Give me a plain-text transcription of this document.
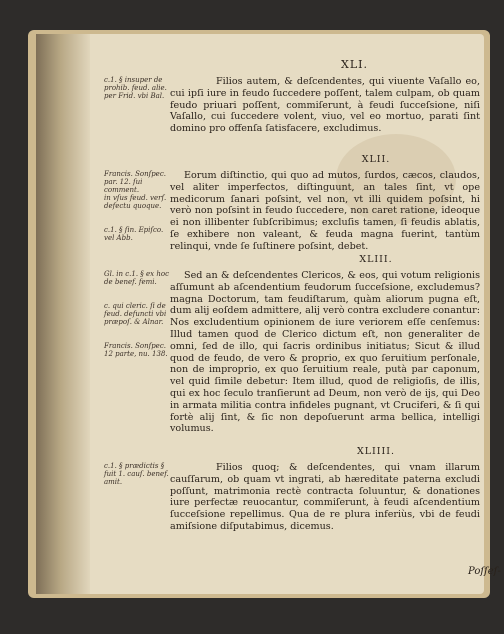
XLI.
c.1. § insuper de
prohib. feud. alie.
per Frid. vbi Bal.
Filios autem, & deſcendentes, qui viuente Vaſallo eo, cui ipſi iure in feudo ſuccedere poſſent, talem culpam, ob quam feudo priuari poſſent, commiſerunt, à feudi ſucceſsione, niſi Vaſallo, cui ſuccedere volent, viuo, vel eo mortuo, parati ſint domino pro offenſa ſatisfacere, excludimus.
XLII.
Francis. Sonſpec.
par. 12. ſui comment.
in vſus feud. verſ.
defectu quoque.

c.1. § ſin. Epiſco.
vel Abb.
Eorum diſtinctio, qui quo ad mutos, ſurdos, cæcos, claudos, vel aliter imperfectos, diſtinguunt, an tales ſint, vt ope medicorum ſanari poſsint, vel non, vt illi quidem poſsint, hi verò non poſsint in feudo ſuccedere, non caret ratione, ideoque ei non illibenter ſubſcribimus; excluſis tamen, ſi feudis ablatis, ſe exhibere non valeant, & feuda magna fuerint, tantùm relinqui, vnde ſe ſuſtinere poſsint, debet.
XLIII.
Gl. in c.1. § ex hoc
de benef. femi.

c. qui cleric. ſi de
feud. defuncti vbi
præpoſ. & Alnar.

Francis. Sonſpec.
12 parte, nu. 138.
Sed an & deſcendentes Clericos, & eos, qui votum religionis aſſumunt ab aſcendentium feudorum ſucceſsione, excludemus? magna Doctorum, tam feudiſtarum, quàm aliorum pugna eſt, dum alij eoſdem admittere, alij verò contra excludere conantur: Nos excludentium opinionem de iure veriorem eſſe cenſemus: Illud tamen quod de Clerico dictum eſt, non generaliter de omni, ſed de illo, qui ſacris ordinibus initiatus; Sicut & illud quod de feudo, de vero & proprio, ex quo ſeruitium perſonale, non de improprio, ex quo ſeruitium reale, putà par caponum, vel quid ſimile debetur: Item illud, quod de religioſis, de illis, qui ex hoc ſeculo tranſierunt ad Deum, non verò de ijs, qui Deo in armata militia contra infideles pugnant, vt Cruciferi, & ſi qui fortè alij ſint, & ſic non depoſuerunt arma bellica, intelligi volumus.
XLIIII.
c.1. § prædictis §
fuit 1. cauſ. benef.
amit.
Filios quoq; & deſcendentes, qui vnam illarum cauſſarum, ob quam vt ingrati, ab hæreditate paterna excludi poſſunt, matrimonia rectè contracta ſoluuntur, & donationes iure perfectæ reuocantur, commiſerunt, à feudi aſcendentium ſucceſsione repellimus. Qua de re plura inferiùs, vbi de feudi amiſsione diſputabimus, dicemus.
Poſſeſ-
